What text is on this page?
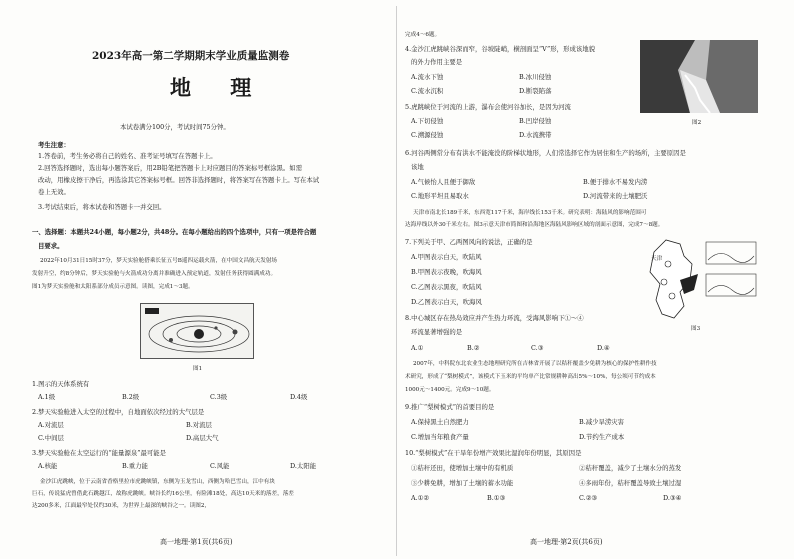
2023年高一第二学期期末学业质量监测卷
地 理
本试卷满分100分，考试时间75分钟。
考生注意：
1.答卷前，考生务必将自己的姓名、准考证号填写在答题卡上。
2.回答选择题时，选出每小题答案后，用2B铅笔把答题卡上对应题目的答案标号框涂黑。如需
改动，用橡皮擦干净后，再选涂其它答案标号框。回答非选择题时，将答案写在答题卡上。写在本试
卷上无效。
3.考试结束后，将本试卷和答题卡一并交回。
一、选择题：本题共24小题，每小题2分，共48分。在每小题给出的四个选项中，只有一项是符合题
目要求。
2022年10月31日15时37分，梦天实验舱搭乘长征五号B遥四运载火箭，在中国文昌航天发射场
发射升空，约8分钟后，梦天实验舱与火箭成功分离并准确进入预定轨道，发射任务获得圆满成功。
图1为梦天实验舱和太阳系部分成员示意图。读图，完成1～3题。
图1
1.图示的天体系统有
A.1级	B.2级	C.3级	D.4级
2.梦天实验舱进入太空的过程中，自地面依次经过的大气层是
A.对流层	B.对流层
C.中间层	D.高层大气
3.梦天实验舱在太空运行的“能量源泉”最可能是
A.核能	B.重力能	C.风能	D.太阳能
金沙江虎跳峡，位于云南省香格里拉市虎跳峡镇，东侧为玉龙雪山，西侧为哈巴雪山，江中有块
巨石，传说猛虎曾借此石跳越江，故称虎跳峡。峡谷长约16公里，有险滩18处，高达10天米的落差，落差
达200多米，江面最窄处仅约30米，为世界上最深的峡谷之一。读图2，
高一地理·第1页(共6页)
完成4～6题。
4.金沙江虎跳峡谷深而窄，谷坡陡峭，横剖面呈“V”形，形成该地貌
的外力作用主要是
A.流水下蚀	B.冰川侵蚀
C.流水沉积	D.断裂陷落
5.虎跳峡位于河流的上游，瀑布会使河谷加长，是因为河流
A.下切侵蚀	B.凹岸侵蚀
C.溯源侵蚀	D.水流携带
图2
6.河谷两侧常分布有洪水不能淹没的阶梯状地形，人们常选择它作为居住和生产的场所，主要原因是
该地
A.气候怡人且便于御敌	B.便于排水不易发内涝
C.地形平坦且易取水	D.河流带来的土壤肥沃
天津市南北长189千米，东西宽117千米，海岸线长153千米。研究表明：海陆风的影响范围可
达海岸线以外30千米左右。图3示意天津市简图和沿海地区海陆风影响区域的剖面示意图，完成7～8题。
7.下列关于甲、乙两图风向的说法，正确的是
A.甲图表示白天，吹陆风
B.甲图表示夜晚，吹海风
C.乙图表示黑夜，吹陆风
D.乙图表示白天，吹海风
天津
图3
8.中心城区存在热岛效应并产生热力环流，受海风影响下①～④
环流显著增强的是
A.①	B.②	C.③	D.④
2007年，中科院东北农业生态地理研究所在吉林省开展了以秸秆覆盖少免耕为核心的保护性耕作技
术研究，形成了“梨树模式”，该模式下玉米的平均单产比常规耕种高出5%～10%，每公顷可节约成本
1000元～1400元。完成9～10题。
9.推广“梨树模式”的首要目的是
A.保持黑土自然肥力	B.减少旱涝灾害
C.增加当年粮食产量	D.节约生产成本
10.“梨树模式”在干旱年份增产效果比湿润年份明显，其原因是
①秸秆还田，使增加土壤中的有机质	②秸秆覆盖，减少了土壤水分的蒸发
③少耕免耕，增加了土壤的蓄水功能	④多雨年份，秸秆覆盖导致土壤过湿
A.①②	B.①③	C.②③	D.③④
高一地理·第2页(共6页)
